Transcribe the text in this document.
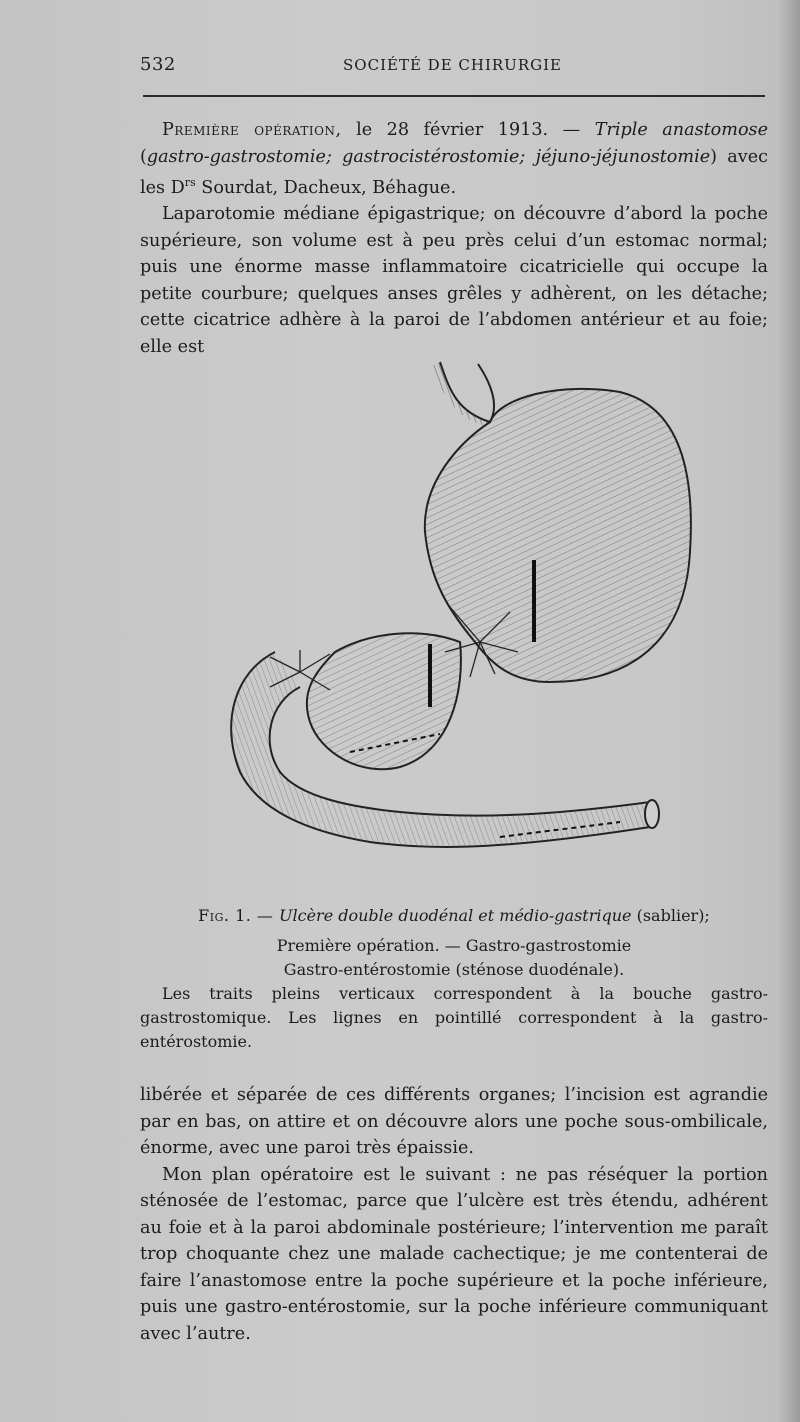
532	SOCIÉTÉ DE CHIRURGIE

Première opération, le 28 février 1913. — Triple anastomose (gastro-gastrostomie; gastrocistérostomie; jéjuno-jéjunostomie) avec les $D^{rs}$ Sourdat, Dacheux, Béhague.

Laparotomie médiane épigastrique; on découvre d’abord la poche supérieure, son volume est à peu près celui d’un estomac normal; puis une énorme masse inflammatoire cicatricielle qui occupe la petite courbure; quelques anses grêles y adhèrent, on les détache; cette cicatrice adhère à la paroi de l’abdomen antérieur et au foie; elle est

Fig. 1. — Ulcère double duodénal et médio-gastrique (sablier);
Première opération. — Gastro-gastrostomie
Gastro-entérostomie (sténose duodénale).
Les traits pleins verticaux correspondent à la bouche gastro-gastrostomique. Les lignes en pointillé correspondent à la gastro-entérostomie.

libérée et séparée de ces différents organes; l’incision est agrandie par en bas, on attire et on découvre alors une poche sous-ombilicale, énorme, avec une paroi très épaissie.

Mon plan opératoire est le suivant : ne pas réséquer la portion sténosée de l’estomac, parce que l’ulcère est très étendu, adhérent au foie et à la paroi abdominale postérieure; l’intervention me paraît trop choquante chez une malade cachectique; je me contenterai de faire l’anastomose entre la poche supérieure et la poche inférieure, puis une gastro-entérostomie, sur la poche inférieure communiquant avec l’autre.
